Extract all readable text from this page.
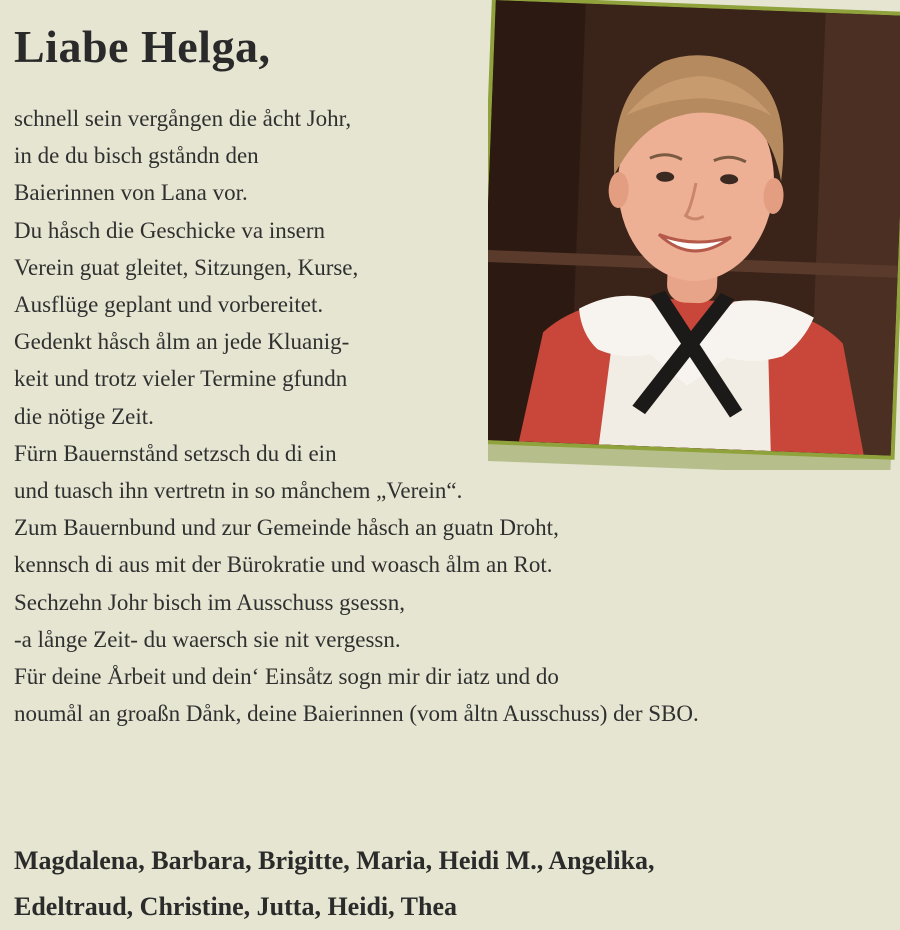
Liabe Helga,
schnell sein vergången die åcht Johr,
in de du bisch gståndn den
Baierinnen von Lana vor.
Du håsch die Geschicke va insern
Verein guat gleitet, Sitzungen, Kurse,
Ausflüge geplant und vorbereitet.
Gedenkt håsch ålm an jede Kluanig-
keit und trotz vieler Termine gfundn
die nötige Zeit.
Fürn Bauernstånd setzsch du di ein
und tuasch ihn vertretn in so månchem „Verein“.
Zum Bauernbund und zur Gemeinde håsch an guatn Droht,
kennsch di aus mit der Bürokratie und woasch ålm an Rot.
Sechzehn Johr bisch im Ausschuss gsessn,
-a långe Zeit- du waersch sie nit vergessn.
Für deine Årbeit und dein‘ Einsåtz sogn mir dir iatz und do
noumål an groaßn Dånk, deine Baierinnen (vom åltn Ausschuss) der SBO.
Magdalena, Barbara, Brigitte, Maria, Heidi M., Angelika,
Edeltraud, Christine, Jutta, Heidi, Thea
